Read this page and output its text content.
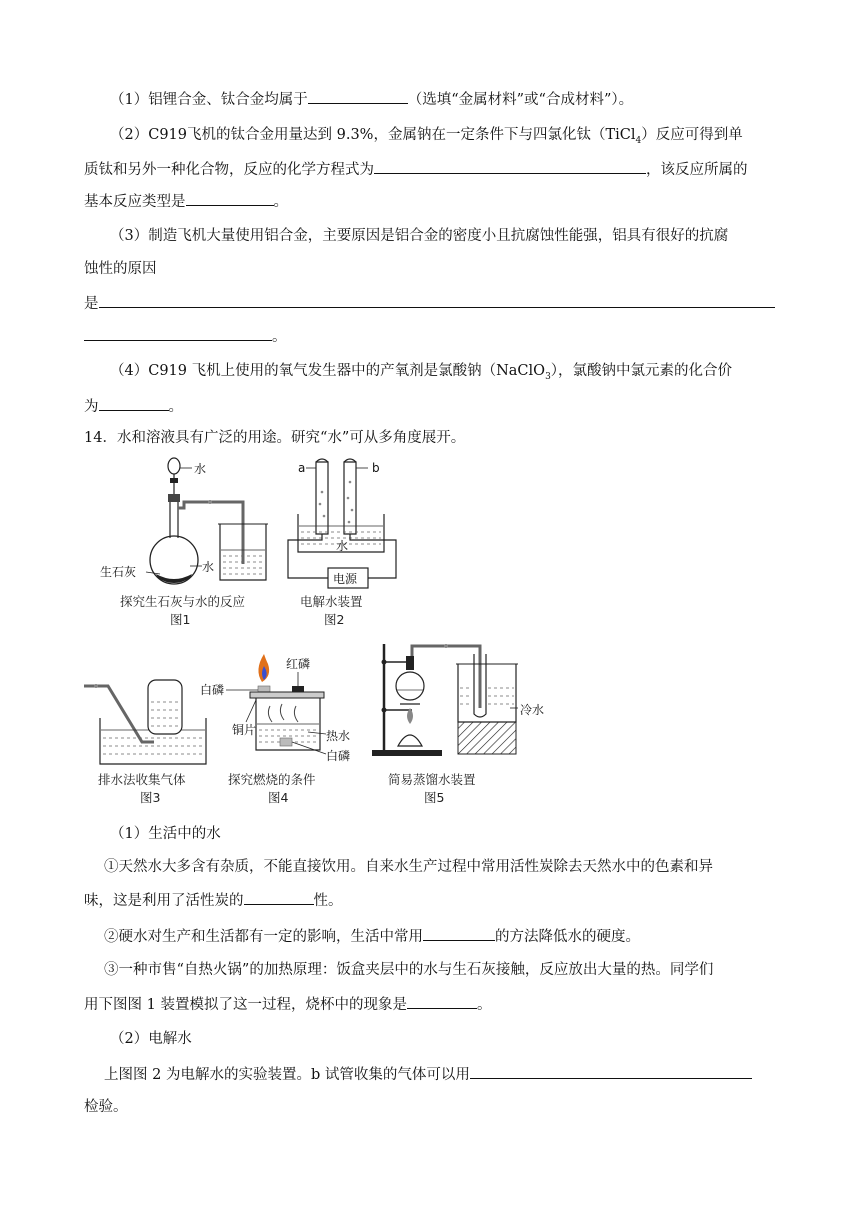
（1）铝锂合金、钛合金均属于	（选填“金属材料”或“合成材料”）。
（2）C919飞机的钛合金用量达到 9.3%，金属钠在一定条件下与四氯化钛（TiCl$_4$）反应可得到单
质钛和另外一种化合物，反应的化学方程式为	，该反应所属的
基本反应类型是	。
（3）制造飞机大量使用铝合金，主要原因是铝合金的密度小且抗腐蚀性能强，铝具有很好的抗腐
蚀性的原因
是
。
（4）C919 飞机上使用的氧气发生器中的产氧剂是氯酸钠（NaClO$_3$），氯酸钠中氯元素的化合价
为	。
14．水和溶液具有广泛的用途。研究“水”可从多角度展开。
水
生石灰	水
探究生石灰与水的反应
图1
电源
水
a	b
电解水装置
图2
排水法收集气体
图3
白磷
红磷
铜片	热水
白磷
探究燃烧的条件
图4
冷水
简易蒸馏水装置
图5
（1）生活中的水
①天然水大多含有杂质，不能直接饮用。自来水生产过程中常用活性炭除去天然水中的色素和异
味，这是利用了活性炭的	性。
②硬水对生产和生活都有一定的影响，生活中常用	的方法降低水的硬度。
③一种市售“自热火锅”的加热原理：饭盒夹层中的水与生石灰接触，反应放出大量的热。同学们
用下图图 1 装置模拟了这一过程，烧杯中的现象是	。
（2）电解水
上图图 2 为电解水的实验装置。b 试管收集的气体可以用
检验。
